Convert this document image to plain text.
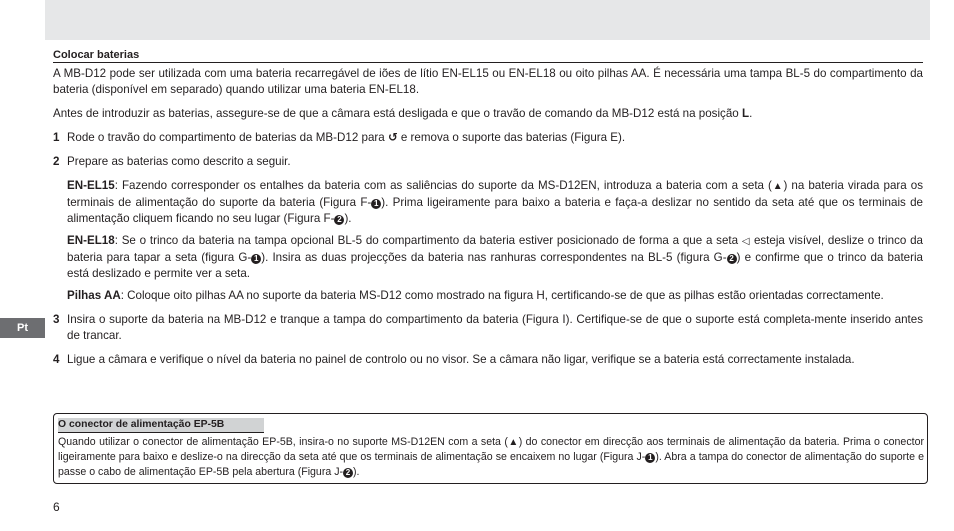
Pt
Colocar baterias

A MB-D12 pode ser utilizada com uma bateria recarregável de iões de lítio EN-EL15 ou EN-EL18 ou oito pilhas AA. É necessária uma tampa BL-5 do compartimento da bateria (disponível em separado) quando utilizar uma bateria EN-EL18.

Antes de introduzir as baterias, assegure-se de que a câmara está desligada e que o travão de comando da MB-D12 está na posição L.

1 Rode o travão do compartimento de baterias da MB-D12 para ↺ e remova o suporte das baterias (Figura E).
2 Prepare as baterias como descrito a seguir.
EN-EL15: Fazendo corresponder os entalhes da bateria com as saliências do suporte da MS-D12EN, introduza a bateria com a seta (▲) na bateria virada para os terminais de alimentação do suporte da bateria (Figura F- 1 ). Prima ligeiramente para baixo a bateria e faça-a deslizar no sentido da seta até que os terminais de alimentação cliquem ficando no seu lugar (Figura F- 2 ).
EN-EL18: Se o trinco da bateria na tampa opcional BL-5 do compartimento da bateria estiver posicionado de forma a que a seta ◁ esteja visível, deslize o trinco da bateria para tapar a seta (figura G- 1 ). Insira as duas projecções da bateria nas ranhuras correspondentes na BL-5 (figura G- 2 ) e confirme que o trinco da bateria está deslizado e permite ver a seta.
Pilhas AA: Coloque oito pilhas AA no suporte da bateria MS-D12 como mostrado na figura H, certificando-se de que as pilhas estão orientadas correctamente.
3 Insira o suporte da bateria na MB-D12 e tranque a tampa do compartimento da bateria (Figura I). Certifique-se de que o suporte está completa-mente inserido antes de trancar.
4 Ligue a câmara e verifique o nível da bateria no painel de controlo ou no visor. Se a câmara não ligar, verifique se a bateria está correctamente instalada.
O conector de alimentação EP-5B
Quando utilizar o conector de alimentação EP-5B, insira-o no suporte MS-D12EN com a seta (▲) do conector em direcção aos terminais de alimentação da bateria. Prima o conector ligeiramente para baixo e deslize-o na direcção da seta até que os terminais de alimentação se encaixem no lugar (Figura J- 1 ). Abra a tampa do conector de alimentação do suporte e passe o cabo de alimentação EP-5B pela abertura (Figura J- 2 ).
6
